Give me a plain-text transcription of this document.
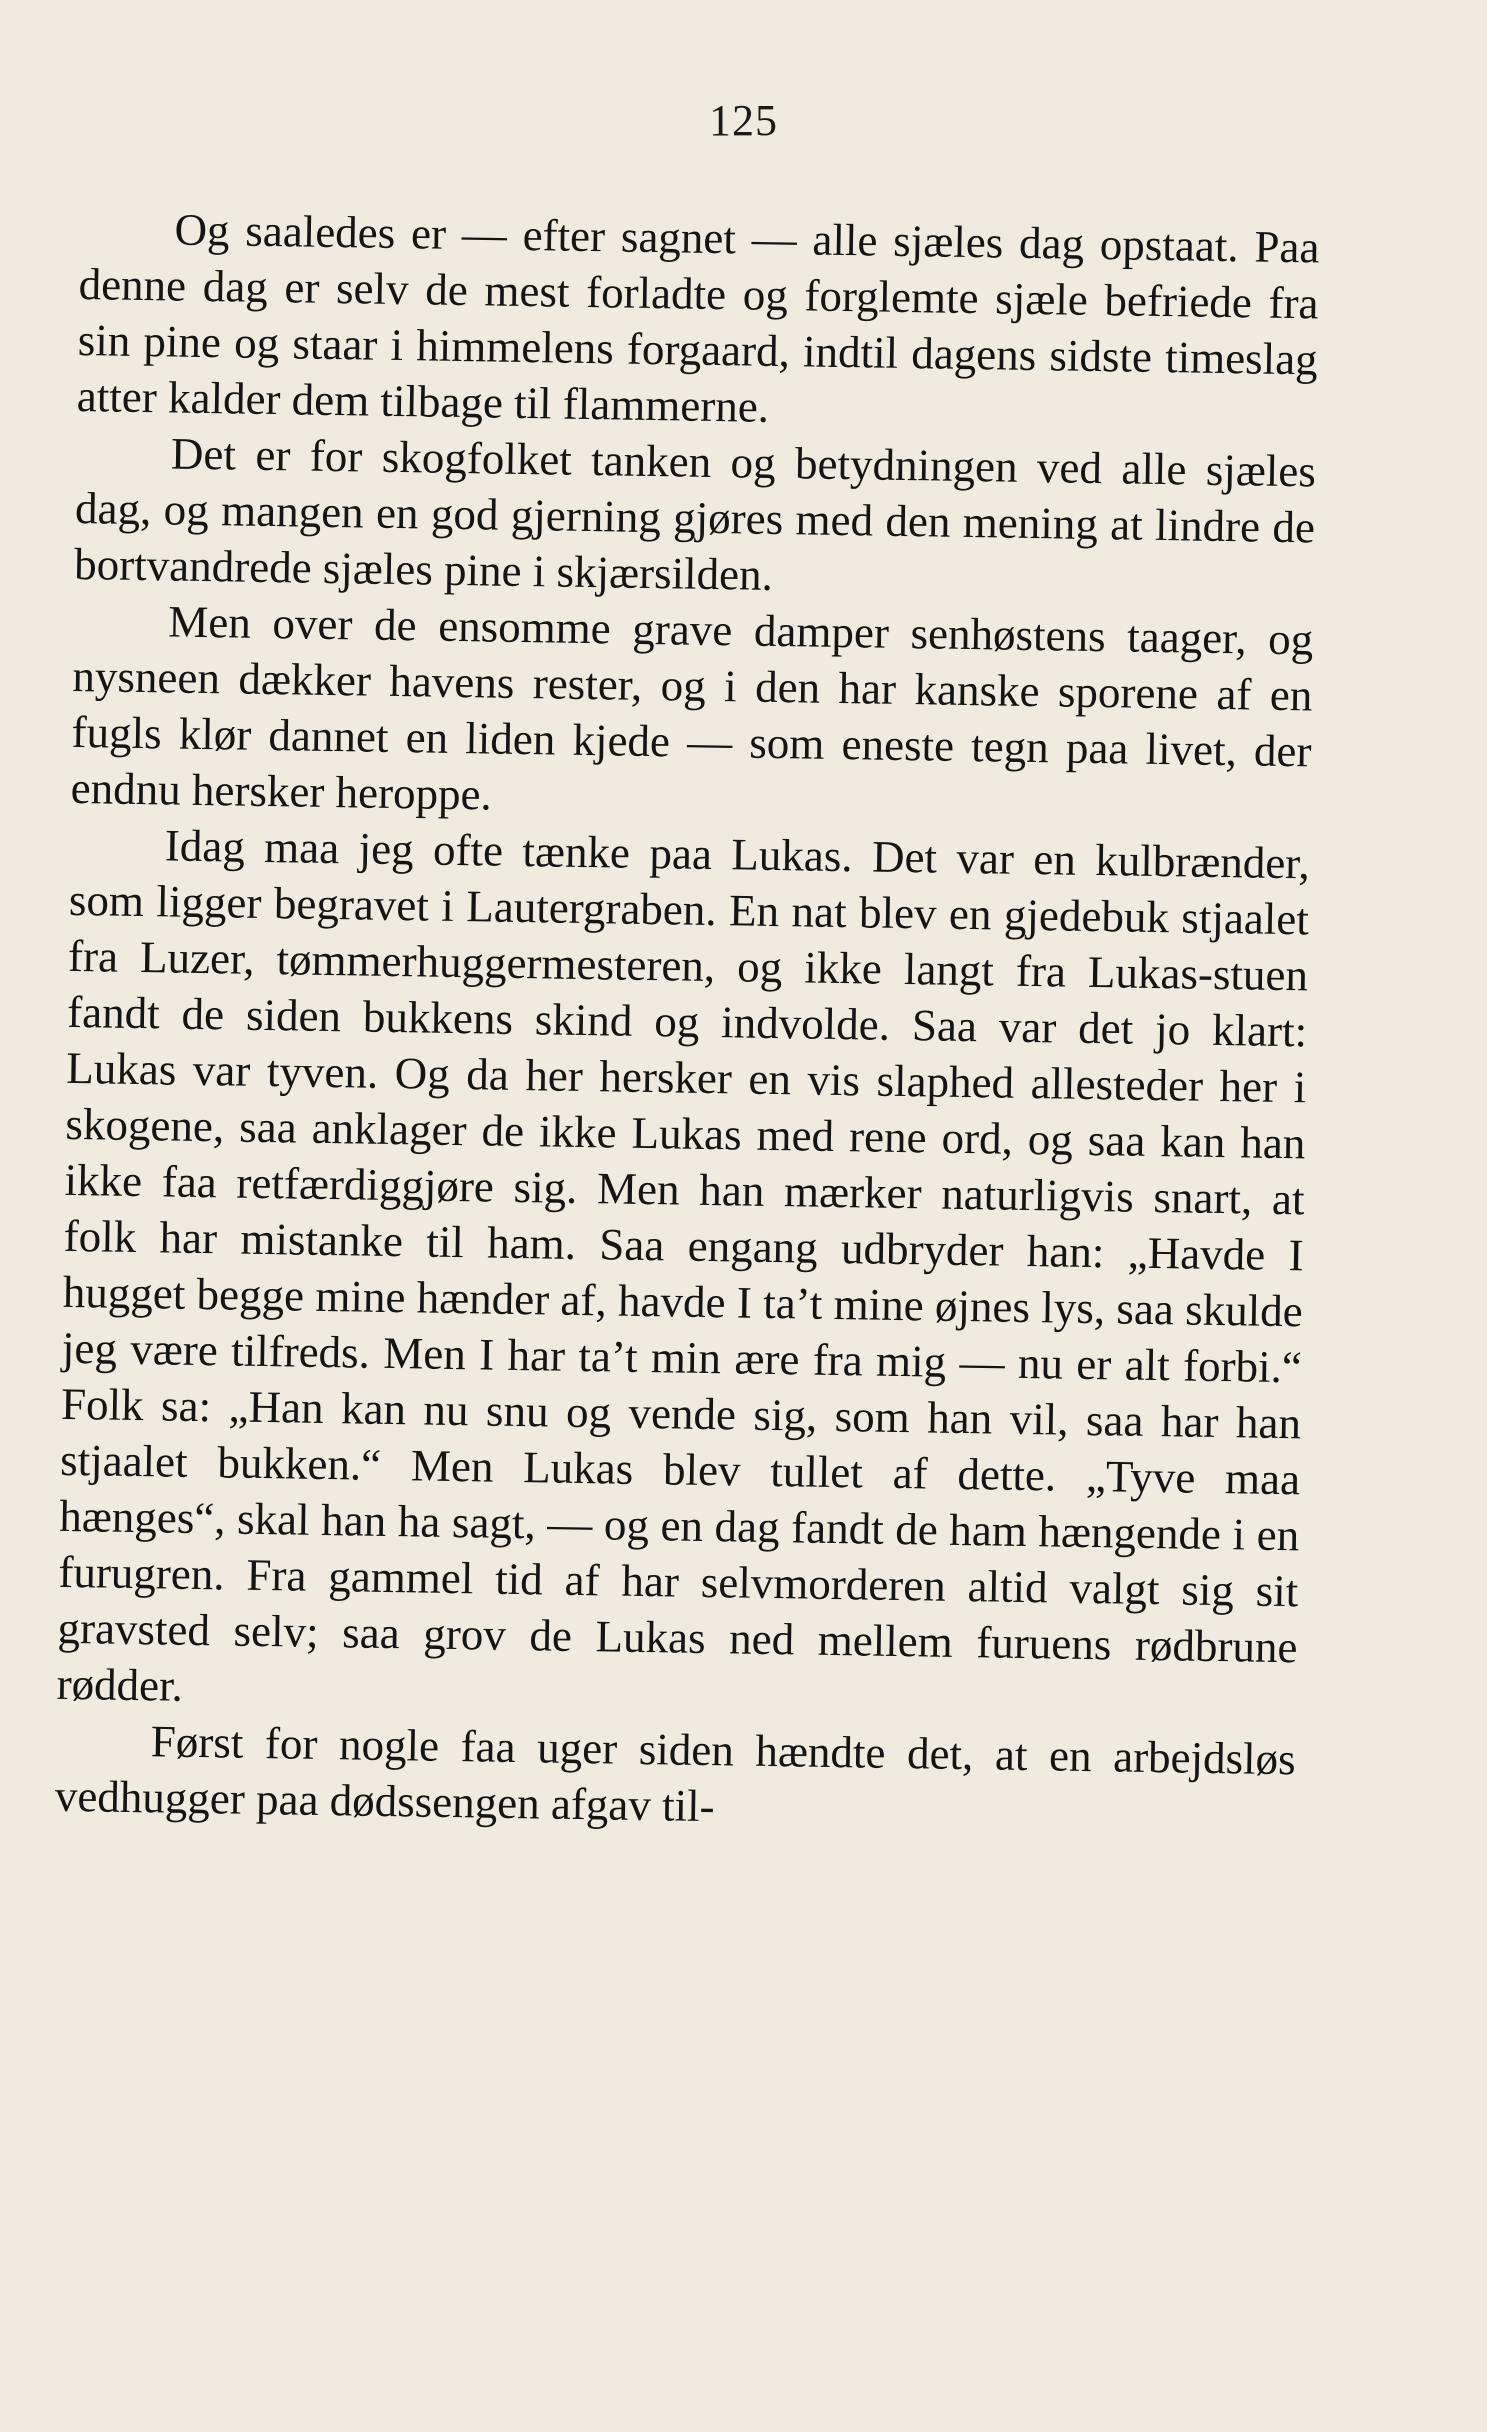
125

Og saaledes er — efter sagnet — alle sjæles dag opstaat. Paa denne dag er selv de mest forladte og forglemte sjæle befriede fra sin pine og staar i himmelens forgaard, indtil dagens sidste timeslag atter kalder dem tilbage til flammerne.

Det er for skogfolket tanken og betydningen ved alle sjæles dag, og mangen en god gjerning gjøres med den mening at lindre de bortvandrede sjæles pine i skjærsilden.

Men over de ensomme grave damper senhøstens taager, og nysneen dækker havens rester, og i den har kanske sporene af en fugls klør dannet en liden kjede — som eneste tegn paa livet, der endnu hersker heroppe.

Idag maa jeg ofte tænke paa Lukas. Det var en kulbrænder, som ligger begravet i Lautergraben. En nat blev en gjedebuk stjaalet fra Luzer, tømmerhuggermesteren, og ikke langt fra Lukas-stuen fandt de siden bukkens skind og indvolde. Saa var det jo klart: Lukas var tyven. Og da her hersker en vis slaphed allesteder her i skogene, saa anklager de ikke Lukas med rene ord, og saa kan han ikke faa retfærdiggjøre sig. Men han mærker naturligvis snart, at folk har mistanke til ham. Saa engang udbryder han: „Havde I hugget begge mine hænder af, havde I ta’t mine øjnes lys, saa skulde jeg være tilfreds. Men I har ta’t min ære fra mig — nu er alt forbi.“ Folk sa: „Han kan nu snu og vende sig, som han vil, saa har han stjaalet bukken.“ Men Lukas blev tullet af dette. „Tyve maa hænges“, skal han ha sagt, — og en dag fandt de ham hængende i en furugren. Fra gammel tid af har selvmorderen altid valgt sig sit gravsted selv; saa grov de Lukas ned mellem furuens rødbrune rødder.

Først for nogle faa uger siden hændte det, at en arbejdsløs vedhugger paa dødssengen afgav til-
